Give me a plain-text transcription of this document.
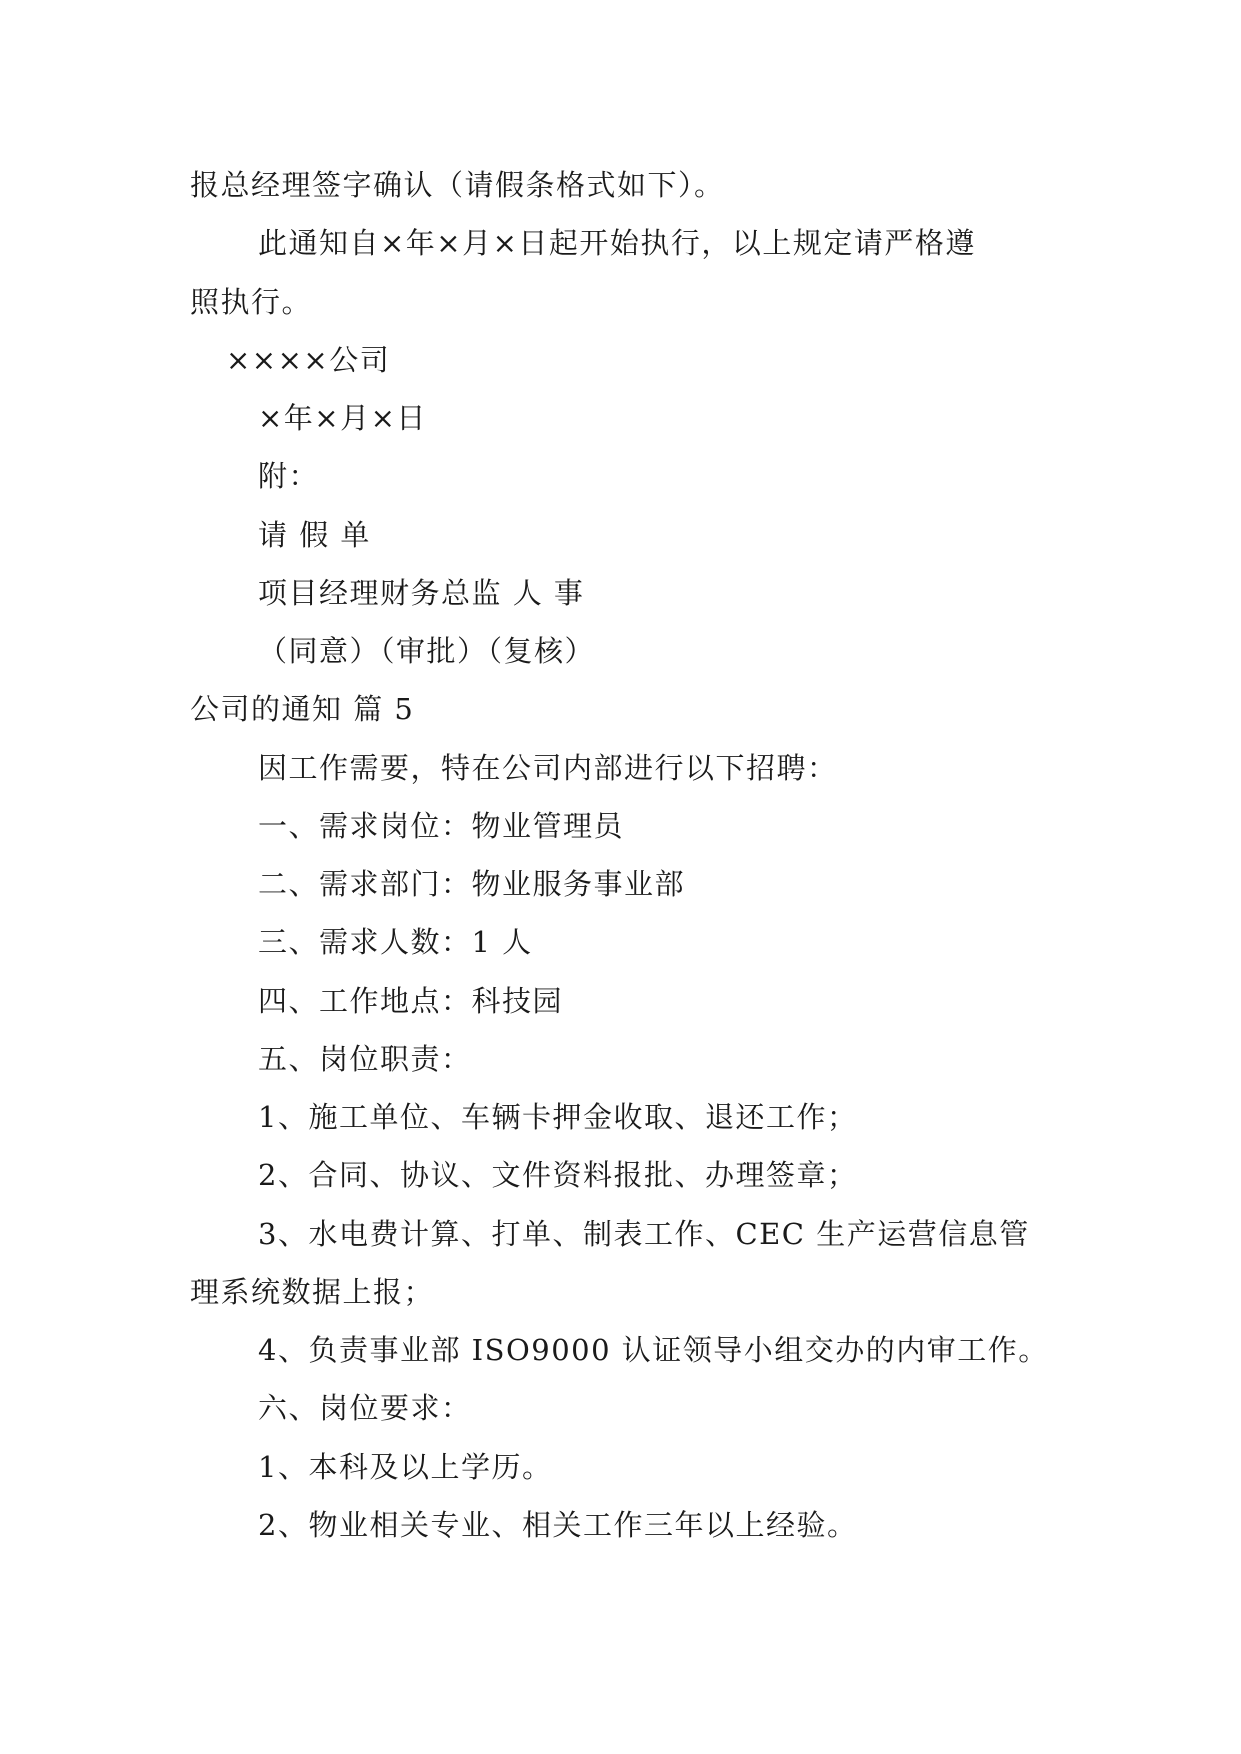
报总经理签字确认（请假条格式如下）。
此通知自×年×月×日起开始执行，以上规定请严格遵
照执行。
××××公司
×年×月×日
附：
请 假 单
项目经理财务总监 人 事
（同意）（审批）（复核）
公司的通知 篇 5
因工作需要，特在公司内部进行以下招聘：
一、需求岗位：物业管理员
二、需求部门：物业服务事业部
三、需求人数：1 人
四、工作地点：科技园
五、岗位职责：
1、施工单位、车辆卡押金收取、退还工作；
2、合同、协议、文件资料报批、办理签章；
3、水电费计算、打单、制表工作、CEC 生产运营信息管
理系统数据上报；
4、负责事业部 ISO9000 认证领导小组交办的内审工作。
六、岗位要求：
1、本科及以上学历。
2、物业相关专业、相关工作三年以上经验。
